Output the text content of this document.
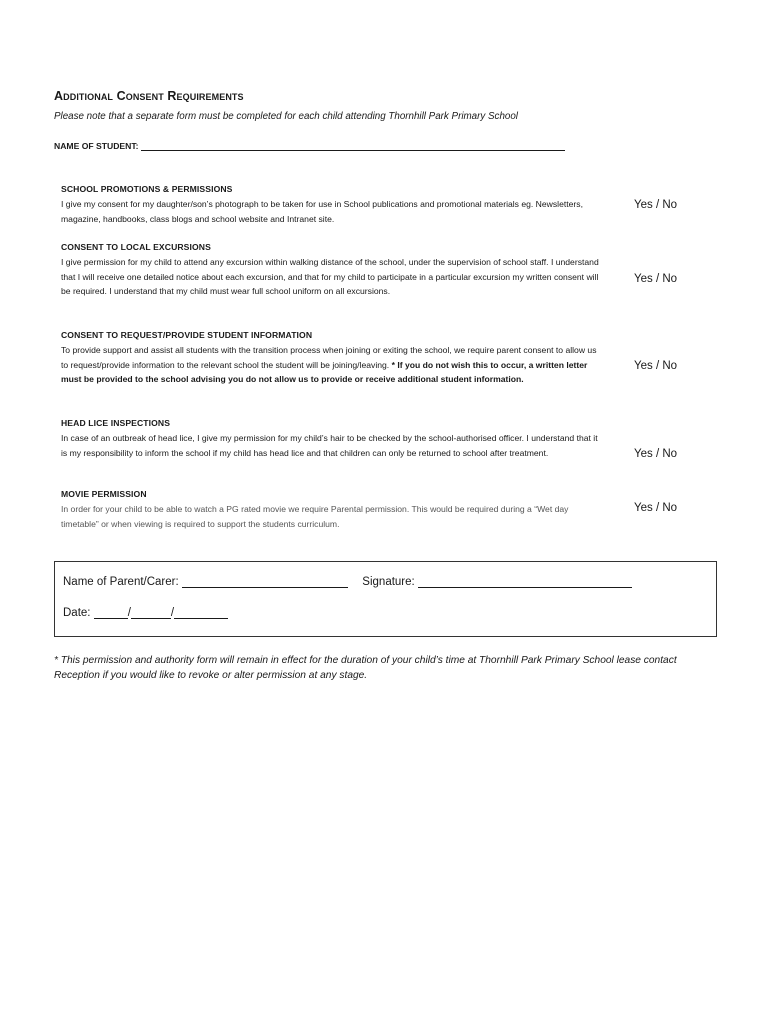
Additional Consent Requirements
Please note that a separate form must be completed for each child attending Thornhill Park Primary School
NAME OF STUDENT:
SCHOOL PROMOTIONS & PERMISSIONS

I give my consent for my daughter/son’s photograph to be taken for use in School publications and promotional materials eg. Newsletters, magazine, handbooks, class blogs and school website and Intranet site.

Yes / No
CONSENT TO LOCAL EXCURSIONS

I give permission for my child to attend any excursion within walking distance of the school, under the supervision of school staff. I understand that I will receive one detailed notice about each excursion, and that for my child to participate in a particular excursion my written consent will be required. I understand that my child must wear full school uniform on all excursions.

Yes / No
CONSENT TO REQUEST/PROVIDE STUDENT INFORMATION

To provide support and assist all students with the transition process when joining or exiting the school, we require parent consent to allow us to request/provide information to the relevant school the student will be joining/leaving. * If you do not wish this to occur, a written letter must be provided to the school advising you do not allow us to provide or receive additional student information.

Yes / No
HEAD LICE INSPECTIONS

In case of an outbreak of head lice, I give my permission for my child’s hair to be checked by the school-authorised officer. I understand that it is my responsibility to inform the school if my child has head lice and that children can only be returned to school after treatment.	Yes / No
MOVIE PERMISSION

In order for your child to be able to watch a PG rated movie we require Parental permission. This would be required during a “Wet day timetable” or when viewing is required to support the students curriculum.

Yes / No
Name of Parent/Carer:	Signature:
Date:	/	/
* This permission and authority form will remain in effect for the duration of your child’s time at Thornhill Park Primary School lease contact Reception if you would like to revoke or alter permission at any stage.
